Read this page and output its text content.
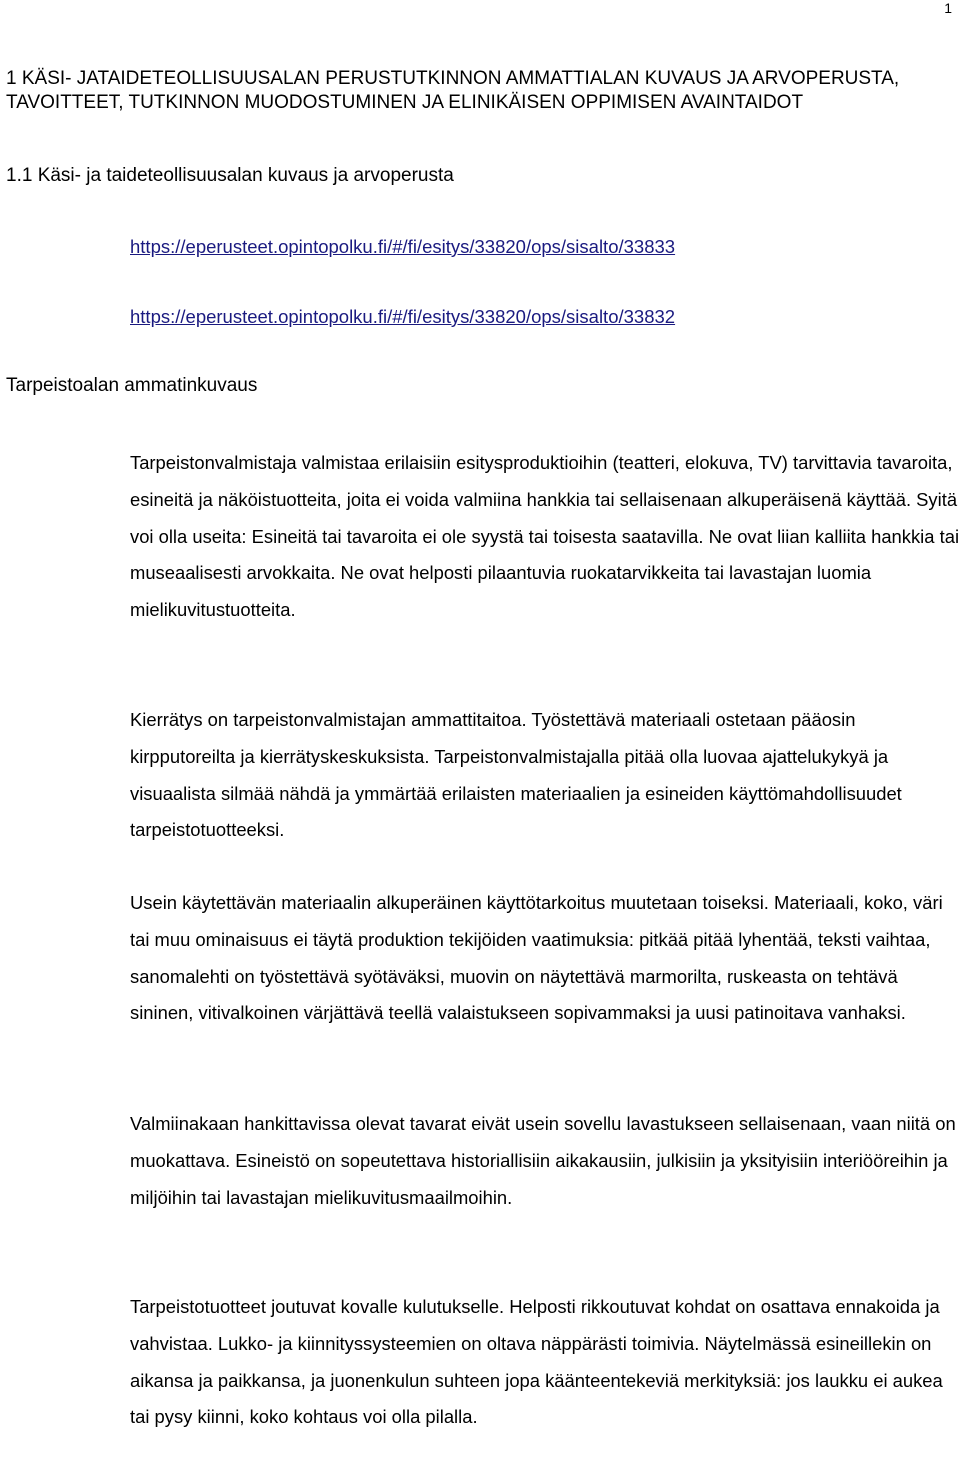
1
1 KÄSI- JATAIDETEOLLISUUSALAN PERUSTUTKINNON AMMATTIALAN KUVAUS JA ARVOPERUSTA, TAVOITTEET, TUTKINNON MUODOSTUMINEN JA ELINIKÄISEN OPPIMISEN AVAINTAIDOT
1.1 Käsi- ja taideteollisuusalan kuvaus ja arvoperusta
https://eperusteet.opintopolku.fi/#/fi/esitys/33820/ops/sisalto/33833
https://eperusteet.opintopolku.fi/#/fi/esitys/33820/ops/sisalto/33832
Tarpeistoalan ammatinkuvaus

Tarpeistonvalmistaja valmistaa erilaisiin esitysproduktioihin (teatteri, elokuva, TV) tarvittavia tavaroita, esineitä ja näköistuotteita, joita ei voida valmiina hankkia tai sellaisenaan alkuperäisenä käyttää. Syitä voi olla useita: Esineitä tai tavaroita ei ole syystä tai toisesta saatavilla. Ne ovat liian kalliita hankkia tai museaalisesti arvokkaita. Ne ovat helposti pilaantuvia ruokatarvikkeita tai lavastajan luomia mielikuvitustuotteita.

Kierrätys on tarpeistonvalmistajan ammattitaitoa. Työstettävä materiaali ostetaan pääosin kirpputoreilta ja kierrätyskeskuksista. Tarpeistonvalmistajalla pitää olla luovaa ajattelukykyä ja visuaalista silmää nähdä ja ymmärtää erilaisten materiaalien ja esineiden käyttömahdollisuudet tarpeistotuotteeksi.

Usein käytettävän materiaalin alkuperäinen käyttötarkoitus muutetaan toiseksi. Materiaali, koko, väri tai muu ominaisuus ei täytä produktion tekijöiden vaatimuksia: pitkää pitää lyhentää, teksti vaihtaa, sanomalehti on työstettävä syötäväksi, muovin on näytettävä marmorilta, ruskeasta on tehtävä sininen, vitivalkoinen värjättävä teellä valaistukseen sopivammaksi ja uusi patinoitava vanhaksi.

Valmiinakaan hankittavissa olevat tavarat eivät usein sovellu lavastukseen sellaisenaan, vaan niitä on muokattava. Esineistö on sopeutettava historiallisiin aikakausiin, julkisiin ja yksityisiin interiööreihin ja miljöihin tai lavastajan mielikuvitusmaailmoihin.

Tarpeistotuotteet joutuvat kovalle kulutukselle. Helposti rikkoutuvat kohdat on osattava ennakoida ja vahvistaa. Lukko- ja kiinnityssysteemien on oltava näppärästi toimivia. Näytelmässä esineillekin on aikansa ja paikkansa, ja juonenkulun suhteen jopa käänteentekeviä merkityksiä: jos laukku ei aukea tai pysy kiinni, koko kohtaus voi olla pilalla.
